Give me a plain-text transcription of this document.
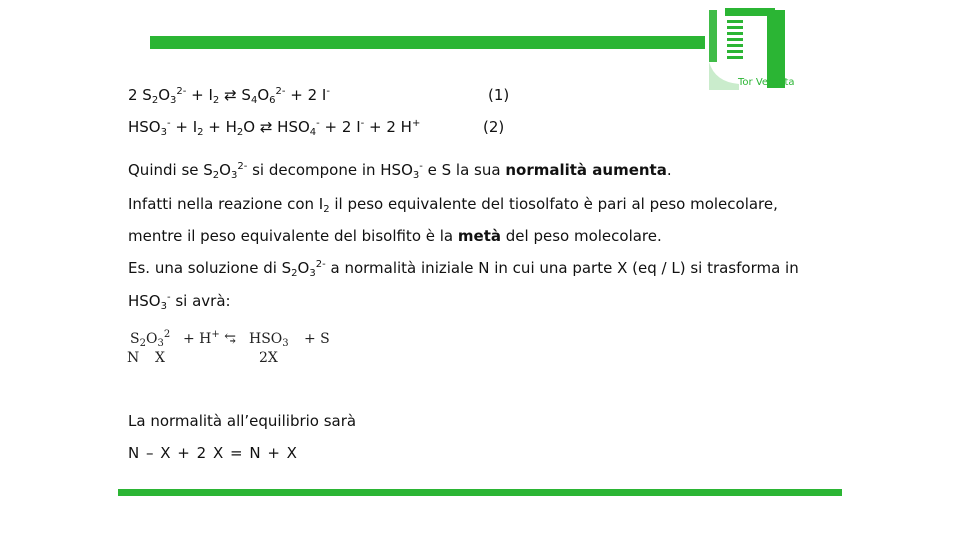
Tor Vergata
2 $S_2O_3^{2-} + I_2$ ⇄ $S_4O_6^{2-} + 2$ I-	(1)
$HSO_3^- + I_2 + H_2O$ ⇄ $HSO_4^- + 2$ I- + 2 H+	(2)
Quindi se $S_2O_3^{2-}$ si decompone in $HSO_3^-$ e S la sua normalità aumenta.
Infatti nella reazione con $I_2$ il peso equivalente del tiosolfato è pari al peso molecolare,
mentre il peso equivalente del bisolfito è la metà del peso molecolare.
Es. una soluzione di $S_2O_3^{2-}$ a normalità iniziale N in cui una parte X (eq / L) si trasforma in
$HSO_3^-$ si avrà:
$S_2O_3^2 + H^+$ ⥃ $HSO_3 + S$
N X	2X
La normalità all’equilibrio sarà
N – X + 2 X = N + X
